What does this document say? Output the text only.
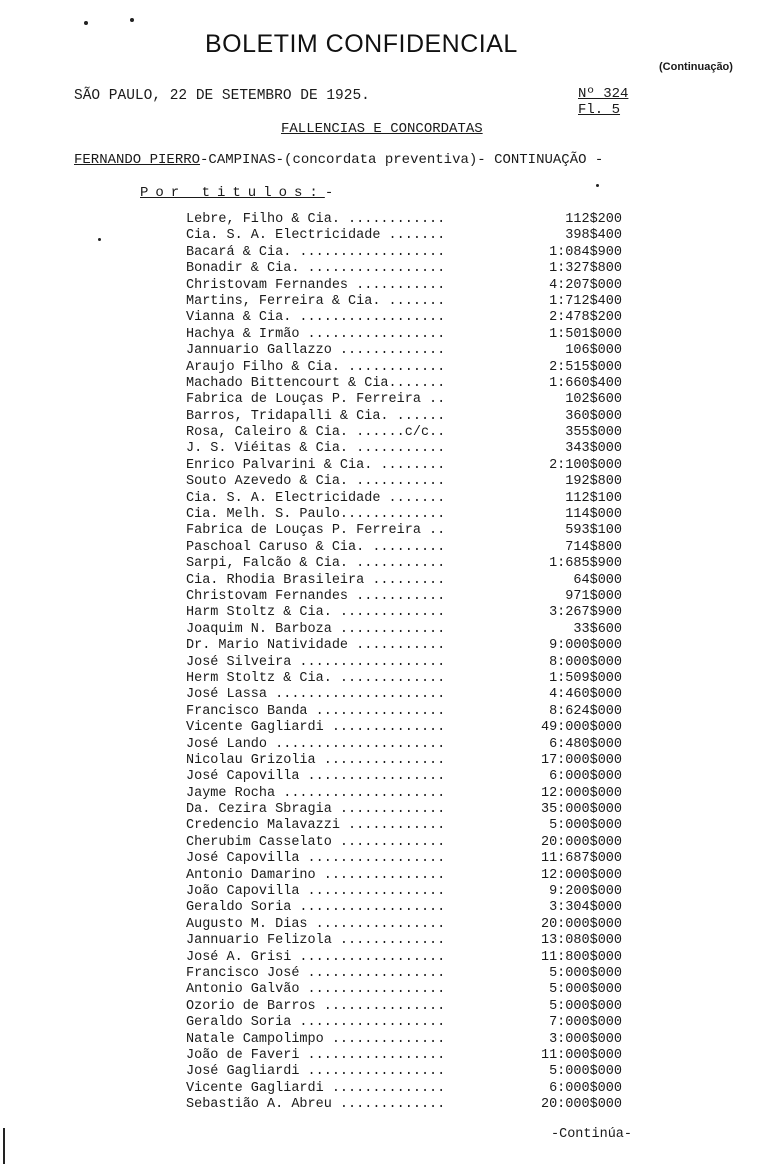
BOLETIM CONFIDENCIAL
(Continuação)
SÃO PAULO, 22 DE SETEMBRO DE 1925.	Nº 324
Fl. 5
FALLENCIAS E CONCORDATAS
FERNANDO PIERRO-CAMPINAS-(concordata preventiva)- CONTINUAÇÃO -
Por titulos:-
Lebre, Filho & Cia. ............	112$200
Cia. S. A. Electricidade .......	398$400
Bacará & Cia. ..................	1:084$900
Bonadir & Cia. .................	1:327$800
Christovam Fernandes ...........	4:207$000
Martins, Ferreira & Cia. .......	1:712$400
Vianna & Cia. ..................	2:478$200
Hachya & Irmão .................	1:501$000
Jannuario Gallazzo .............	106$000
Araujo Filho & Cia. ............	2:515$000
Machado Bittencourt & Cia.......	1:660$400
Fabrica de Louças P. Ferreira ..	102$600
Barros, Tridapalli & Cia. ......	360$000
Rosa, Caleiro & Cia. ......c/c..	355$000
J. S. Viéitas & Cia. ...........	343$000
Enrico Palvarini & Cia. ........	2:100$000
Souto Azevedo & Cia. ...........	192$800
Cia. S. A. Electricidade .......	112$100
Cia. Melh. S. Paulo.............	114$000
Fabrica de Louças P. Ferreira ..	593$100
Paschoal Caruso & Cia. .........	714$800
Sarpi, Falcão & Cia. ...........	1:685$900
Cia. Rhodia Brasileira .........	64$000
Christovam Fernandes ...........	971$000
Harm Stoltz & Cia. .............	3:267$900
Joaquim N. Barboza .............	33$600
Dr. Mario Natividade ...........	9:000$000
José Silveira ..................	8:000$000
Herm Stoltz & Cia. .............	1:509$000
José Lassa .....................	4:460$000
Francisco Banda ................	8:624$000
Vicente Gagliardi ..............	49:000$000
José Lando .....................	6:480$000
Nicolau Grizolia ...............	17:000$000
José Capovilla .................	6:000$000
Jayme Rocha ....................	12:000$000
Da. Cezira Sbragia .............	35:000$000
Credencio Malavazzi ............	5:000$000
Cherubim Casselato .............	20:000$000
José Capovilla .................	11:687$000
Antonio Damarino ...............	12:000$000
João Capovilla .................	9:200$000
Geraldo Soria ..................	3:304$000
Augusto M. Dias ................	20:000$000
Jannuario Felizola .............	13:080$000
José A. Grisi ..................	11:800$000
Francisco José .................	5:000$000
Antonio Galvão .................	5:000$000
Ozorio de Barros ...............	5:000$000
Geraldo Soria ..................	7:000$000
Natale Campolimpo ..............	3:000$000
João de Faveri .................	11:000$000
José Gagliardi .................	5:000$000
Vicente Gagliardi ..............	6:000$000
Sebastião A. Abreu .............	20:000$000
-Continúa-
